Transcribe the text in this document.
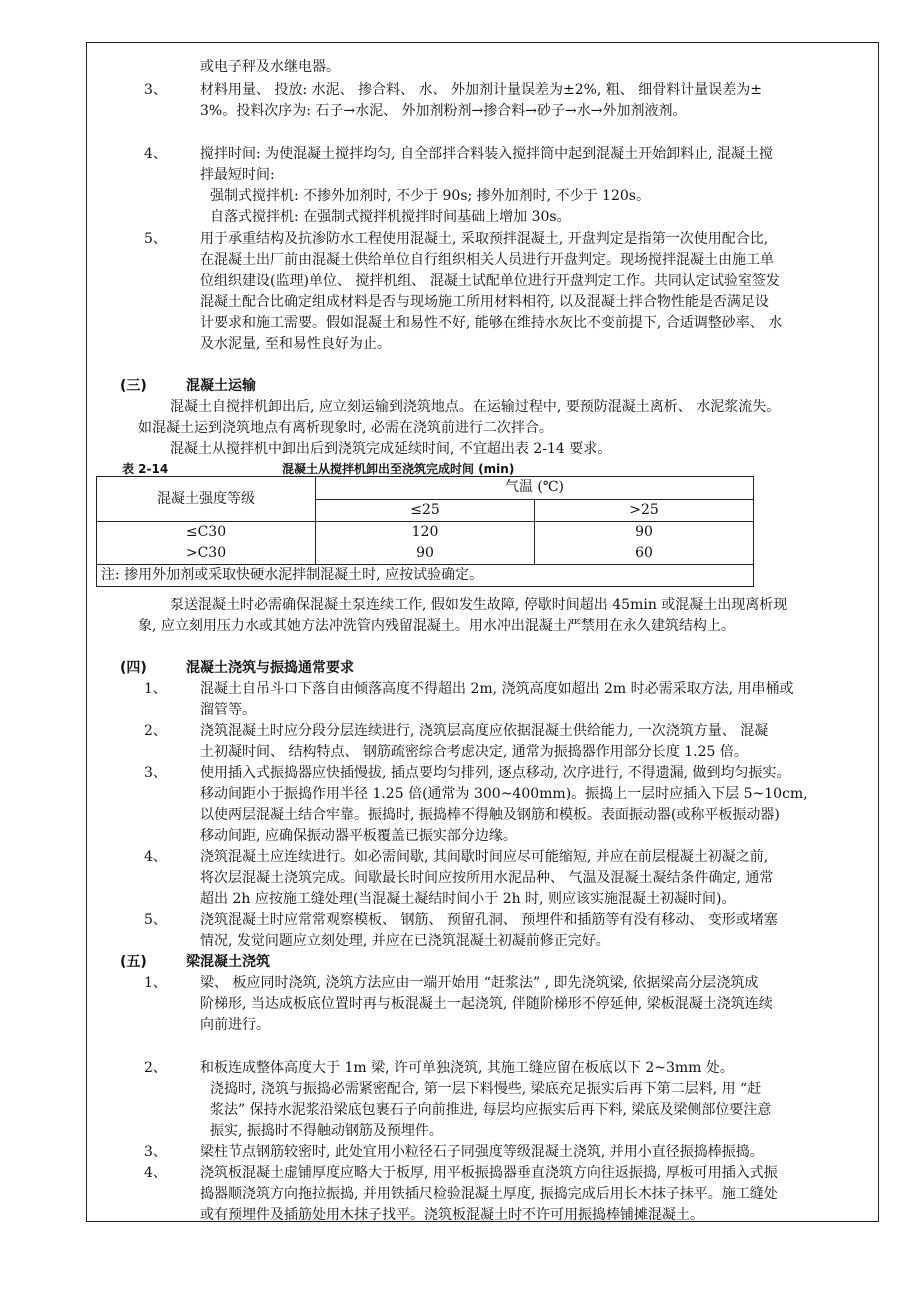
或电子秤及水继电器。
3、 材料用量、 投放: 水泥、 掺合料、 水、 外加剂计量误差为±2%, 粗、 细骨料计量误差为±
3%。投料次序为: 石子→水泥、 外加剂粉剂→掺合料→砂子→水→外加剂液剂。
4、 搅拌时间: 为使混凝土搅拌均匀, 自全部拌合料装入搅拌筒中起到混凝土开始卸料止, 混凝土搅
拌最短时间:
强制式搅拌机: 不掺外加剂时, 不少于 90s; 掺外加剂时, 不少于 120s。
自落式搅拌机: 在强制式搅拌机搅拌时间基础上增加 30s。
5、 用于承重结构及抗渗防水工程使用混凝土, 采取预拌混凝土, 开盘判定是指第一次使用配合比,
在混凝土出厂前由混凝土供给单位自行组织相关人员进行开盘判定。现场搅拌混凝土由施工单
位组织建设(监理)单位、 搅拌机组、 混凝土试配单位进行开盘判定工作。共同认定试验室签发
混凝土配合比确定组成材料是否与现场施工所用材料相符, 以及混凝土拌合物性能是否满足设
计要求和施工需要。假如混凝土和易性不好, 能够在维持水灰比不变前提下, 合适调整砂率、 水
及水泥量, 至和易性良好为止。
(三)	混凝土运输
混凝土自搅拌机卸出后, 应立刻运输到浇筑地点。在运输过程中, 要预防混凝土离析、 水泥浆流失。
如混凝土运到浇筑地点有离析现象时, 必需在浇筑前进行二次拌合。
混凝土从搅拌机中卸出后到浇筑完成延续时间, 不宜超出表 2-14 要求。
表 2-14	混凝土从搅拌机卸出至浇筑完成时间 (min)
混凝土强度等级	气温 (℃)	
	≤25	>25
≤C30	120	90
>C30	90	60
注: 掺用外加剂或采取快硬水泥拌制混凝土时, 应按试验确定。		
泵送混凝土时必需确保混凝土泵连续工作, 假如发生故障, 停歇时间超出 45min 或混凝土出现离析现
象, 应立刻用压力水或其她方法冲洗管内残留混凝土。用水冲出混凝土严禁用在永久建筑结构上。
(四)	混凝土浇筑与振捣通常要求
1、 混凝土自吊斗口下落自由倾落高度不得超出 2m, 浇筑高度如超出 2m 时必需采取方法, 用串桶或
溜管等。
2、 浇筑混凝土时应分段分层连续进行, 浇筑层高度应依据混凝土供给能力, 一次浇筑方量、 混凝
土初凝时间、 结构特点、 钢筋疏密综合考虑决定, 通常为振捣器作用部分长度 1.25 倍。
3、 使用插入式振捣器应快插慢拔, 插点要均匀排列, 逐点移动, 次序进行, 不得遗漏, 做到均匀振实。
移动间距小于振捣作用半径 1.25 倍(通常为 300~400mm)。振捣上一层时应插入下层 5~10cm,
以使两层混凝土结合牢靠。振捣时, 振捣棒不得触及钢筋和模板。表面振动器(或称平板振动器)
移动间距, 应确保振动器平板覆盖已振实部分边缘。
4、 浇筑混凝土应连续进行。如必需间歇, 其间歇时间应尽可能缩短, 并应在前层棍凝土初凝之前,
将次层混凝土浇筑完成。间歇最长时间应按所用水泥品种、 气温及混凝土凝结条件确定, 通常
超出 2h 应按施工缝处理(当混凝土凝结时间小于 2h 时, 则应该实施混凝土初凝时间)。
5、 浇筑混凝土时应常常观察模板、 钢筋、 预留孔洞、 预埋件和插筋等有没有移动、 变形或堵塞
情况, 发觉问题应立刻处理, 并应在已浇筑混凝土初凝前修正完好。
(五)	梁混凝土浇筑
1、 梁、 板应同时浇筑, 浇筑方法应由一端开始用 “赶浆法” , 即先浇筑梁, 依据梁高分层浇筑成
阶梯形, 当达成板底位置时再与板混凝土一起浇筑, 伴随阶梯形不停延伸, 梁板混凝土浇筑连续
向前进行。
2、 和板连成整体高度大于 1m 梁, 许可单独浇筑, 其施工缝应留在板底以下 2~3mm 处。
浇捣时, 浇筑与振捣必需紧密配合, 第一层下料慢些, 梁底充足振实后再下第二层料, 用 “赶
浆法” 保持水泥浆沿梁底包裹石子向前推进, 每层均应振实后再下料, 梁底及梁侧部位要注意
振实, 振捣时不得触动钢筋及预埋件。
3、 梁柱节点钢筋较密时, 此处宜用小粒径石子同强度等级混凝土浇筑, 并用小直径振捣棒振捣。
4、 浇筑板混凝土虚铺厚度应略大于板厚, 用平板振捣器垂直浇筑方向往返振捣, 厚板可用插入式振
捣器顺浇筑方向拖拉振捣, 并用铁插尺检验混凝土厚度, 振捣完成后用长木抹子抹平。施工缝处
或有预埋件及插筋处用木抹子找平。浇筑板混凝土时不许可用振捣棒铺摊混凝土。
